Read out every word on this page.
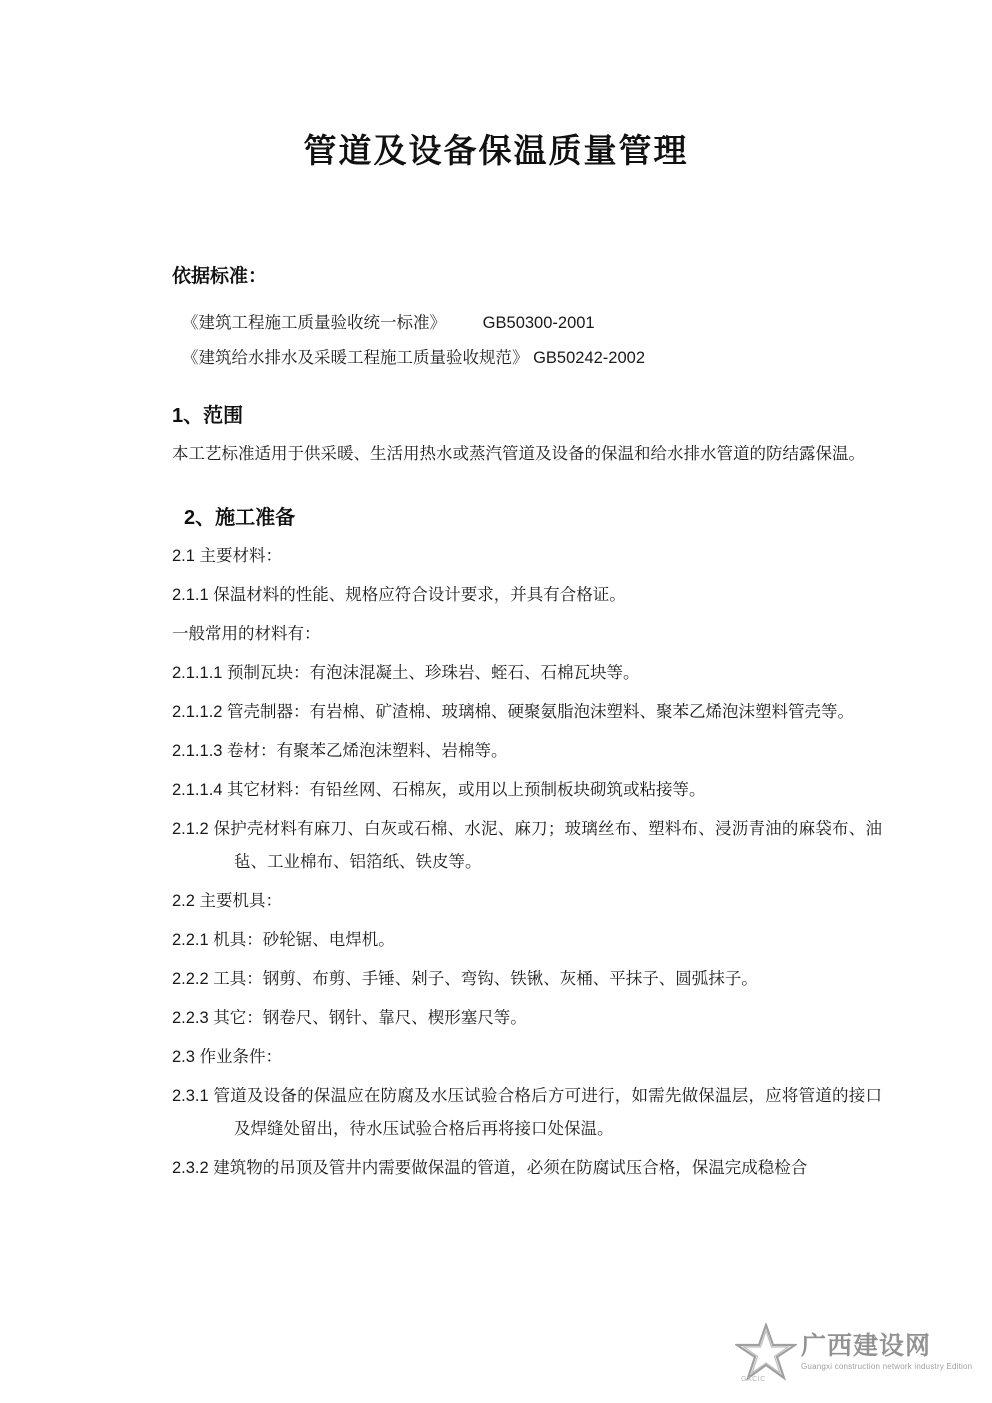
管道及设备保温质量管理
依据标准：
《建筑工程施工质量验收统一标准》        GB50300-2001
《建筑给水排水及采暖工程施工质量验收规范》 GB50242-2002
1、范围

本工艺标准适用于供采暖、生活用热水或蒸汽管道及设备的保温和给水排水管道的防结露保温。

2、施工准备

2.1 主要材料：

2.1.1 保温材料的性能、规格应符合设计要求，并具有合格证。

一般常用的材料有：

2.1.1.1 预制瓦块：有泡沫混凝土、珍珠岩、蛭石、石棉瓦块等。

2.1.1.2 管壳制器：有岩棉、矿渣棉、玻璃棉、硬聚氨脂泡沫塑料、聚苯乙烯泡沫塑料管壳等。

2.1.1.3 卷材：有聚苯乙烯泡沫塑料、岩棉等。

2.1.1.4 其它材料：有铅丝网、石棉灰，或用以上预制板块砌筑或粘接等。

2.1.2 保护壳材料有麻刀、白灰或石棉、水泥、麻刀；玻璃丝布、塑料布、浸沥青油的麻袋布、油毡、工业棉布、铝箔纸、铁皮等。

2.2 主要机具：

2.2.1 机具：砂轮锯、电焊机。

2.2.2 工具：钢剪、布剪、手锤、剁子、弯钩、铁锹、灰桶、平抹子、圆弧抹子。

2.2.3 其它：钢卷尺、钢针、靠尺、楔形塞尺等。

2.3 作业条件：

2.3.1 管道及设备的保温应在防腐及水压试验合格后方可进行，如需先做保温层，应将管道的接口及焊缝处留出，待水压试验合格后再将接口处保温。

2.3.2 建筑物的吊顶及管井内需要做保温的管道，必须在防腐试压合格，保温完成稳检合

GXCIC
广西建设网
Guangxi construction network industry Edition
